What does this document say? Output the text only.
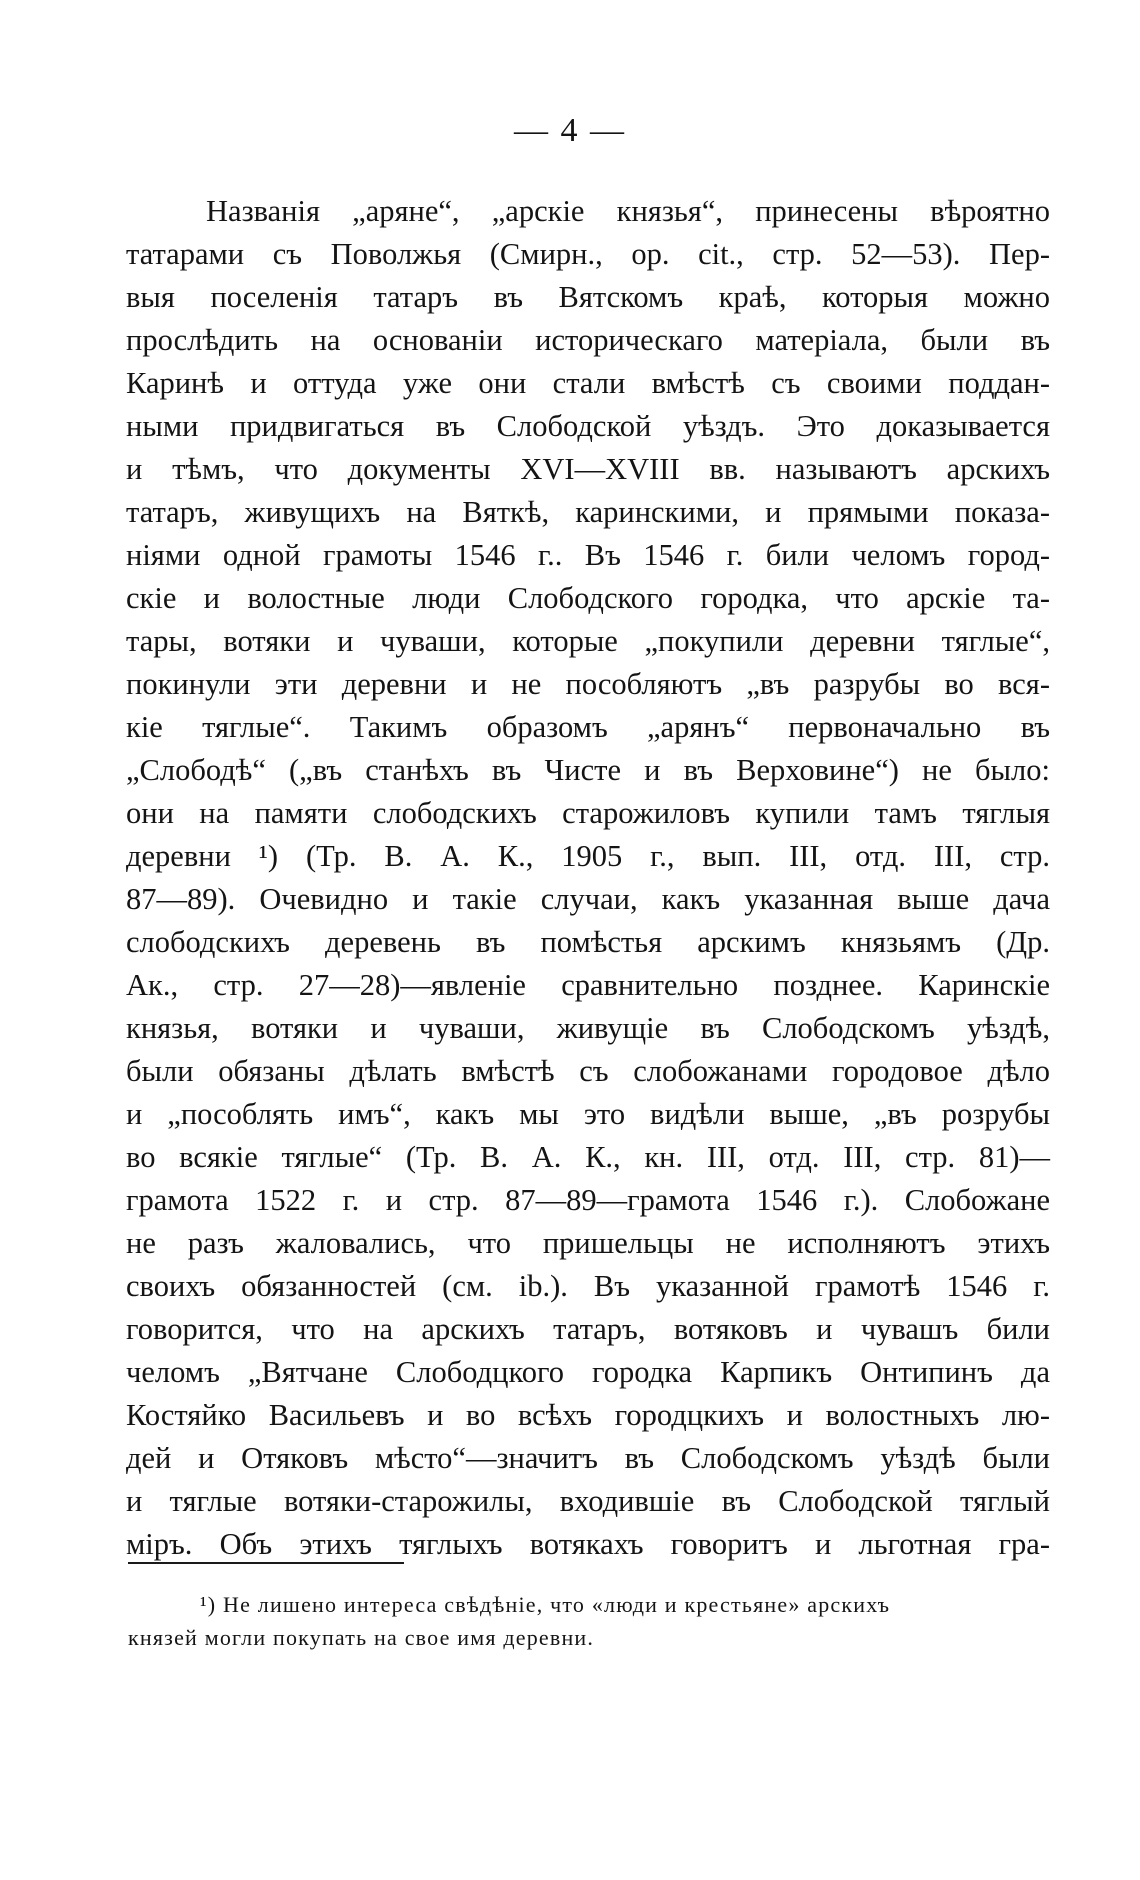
— 4 —
Названія „аряне“, „арскіе князья“, принесены вѣроятно
татарами съ Поволжья (Смирн., ор. cit., стр. 52—53). Пер-
выя поселенія татаръ въ Вятскомъ краѣ, которыя можно
прослѣдить на основаніи историческаго матеріала, были въ
Каринѣ и оттуда уже они стали вмѣстѣ съ своими поддан-
ными придвигаться въ Слободской уѣздъ. Это доказывается
и тѣмъ, что документы XVI—XVIII вв. называютъ арскихъ
татаръ, живущихъ на Вяткѣ, каринскими, и прямыми показа-
ніями одной грамоты 1546 г.. Въ 1546 г. били челомъ город-
скіе и волостные люди Слободского городка, что арскіе та-
тары, вотяки и чуваши, которые „покупили деревни тяглые“,
покинули эти деревни и не пособляютъ „въ разрубы во вся-
кіе тяглые“. Такимъ образомъ „арянъ“ первоначально въ
„Слободѣ“ („въ станѣхъ въ Чисте и въ Верховине“) не было:
они на памяти слободскихъ старожиловъ купили тамъ тяглыя
деревни ¹) (Тр. В. А. К., 1905 г., вып. III, отд. III, стр.
87—89). Очевидно и такіе случаи, какъ указанная выше дача
слободскихъ деревень въ помѣстья арскимъ князьямъ (Др.
Ак., стр. 27—28)—явленіе сравнительно позднее. Каринскіе
князья, вотяки и чуваши, живущіе въ Слободскомъ уѣздѣ,
были обязаны дѣлать вмѣстѣ съ слобожанами городовое дѣло
и „пособлять имъ“, какъ мы это видѣли выше, „въ розрубы
во всякіе тяглые“ (Тр. В. А. К., кн. III, отд. III, стр. 81)—
грамота 1522 г. и стр. 87—89—грамота 1546 г.). Слобожане
не разъ жаловались, что пришельцы не исполняютъ этихъ
своихъ обязанностей (см. ib.). Въ указанной грамотѣ 1546 г.
говорится, что на арскихъ татаръ, вотяковъ и чувашъ били
челомъ „Вятчане Слободцкого городка Карпикъ Онтипинъ да
Костяйко Васильевъ и во всѣхъ городцкихъ и волостныхъ лю-
дей и Отяковъ мѣсто“—значитъ въ Слободскомъ уѣздѣ были
и тяглые вотяки-старожилы, входившіе въ Слободской тяглый
міръ. Объ этихъ тяглыхъ вотякахъ говоритъ и льготная гра-
¹) Не лишено интереса свѣдѣніе, что «люди и крестьяне» арскихъ
князей могли покупать на свое имя деревни.
